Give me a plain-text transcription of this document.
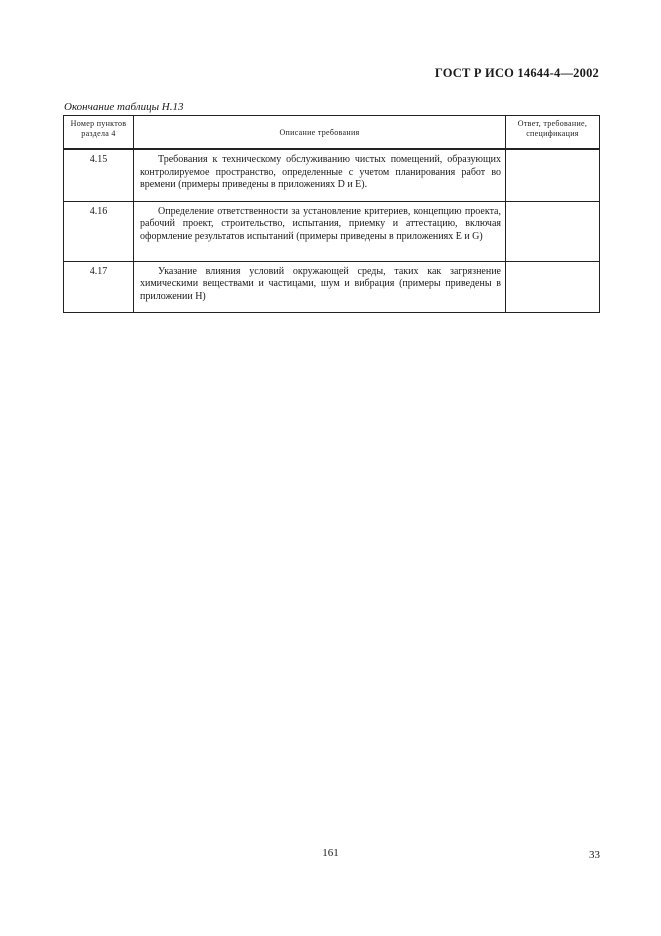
ГОСТ Р ИСО 14644-4—2002
Окончание таблицы Н.13
Номер пунктов раздела 4	Описание требования	Ответ, требование, спецификация
4.15	Требования к техническому обслуживанию чистых помещений, образующих контролируемое пространство, определенные с учетом планирования работ во времени (примеры приведены в приложениях D и Е).	

4.16	Определение ответственности за установление критериев, концепцию проекта, рабочий проект, строительство, испытания, приемку и аттестацию, включая оформление результатов испытаний (примеры приведены в приложениях Е и G)	

4.17	Указание влияния условий окружающей среды, таких как загрязнение химическими веществами и частицами, шум и вибрация (примеры приведены в приложении Н)	

161	33
